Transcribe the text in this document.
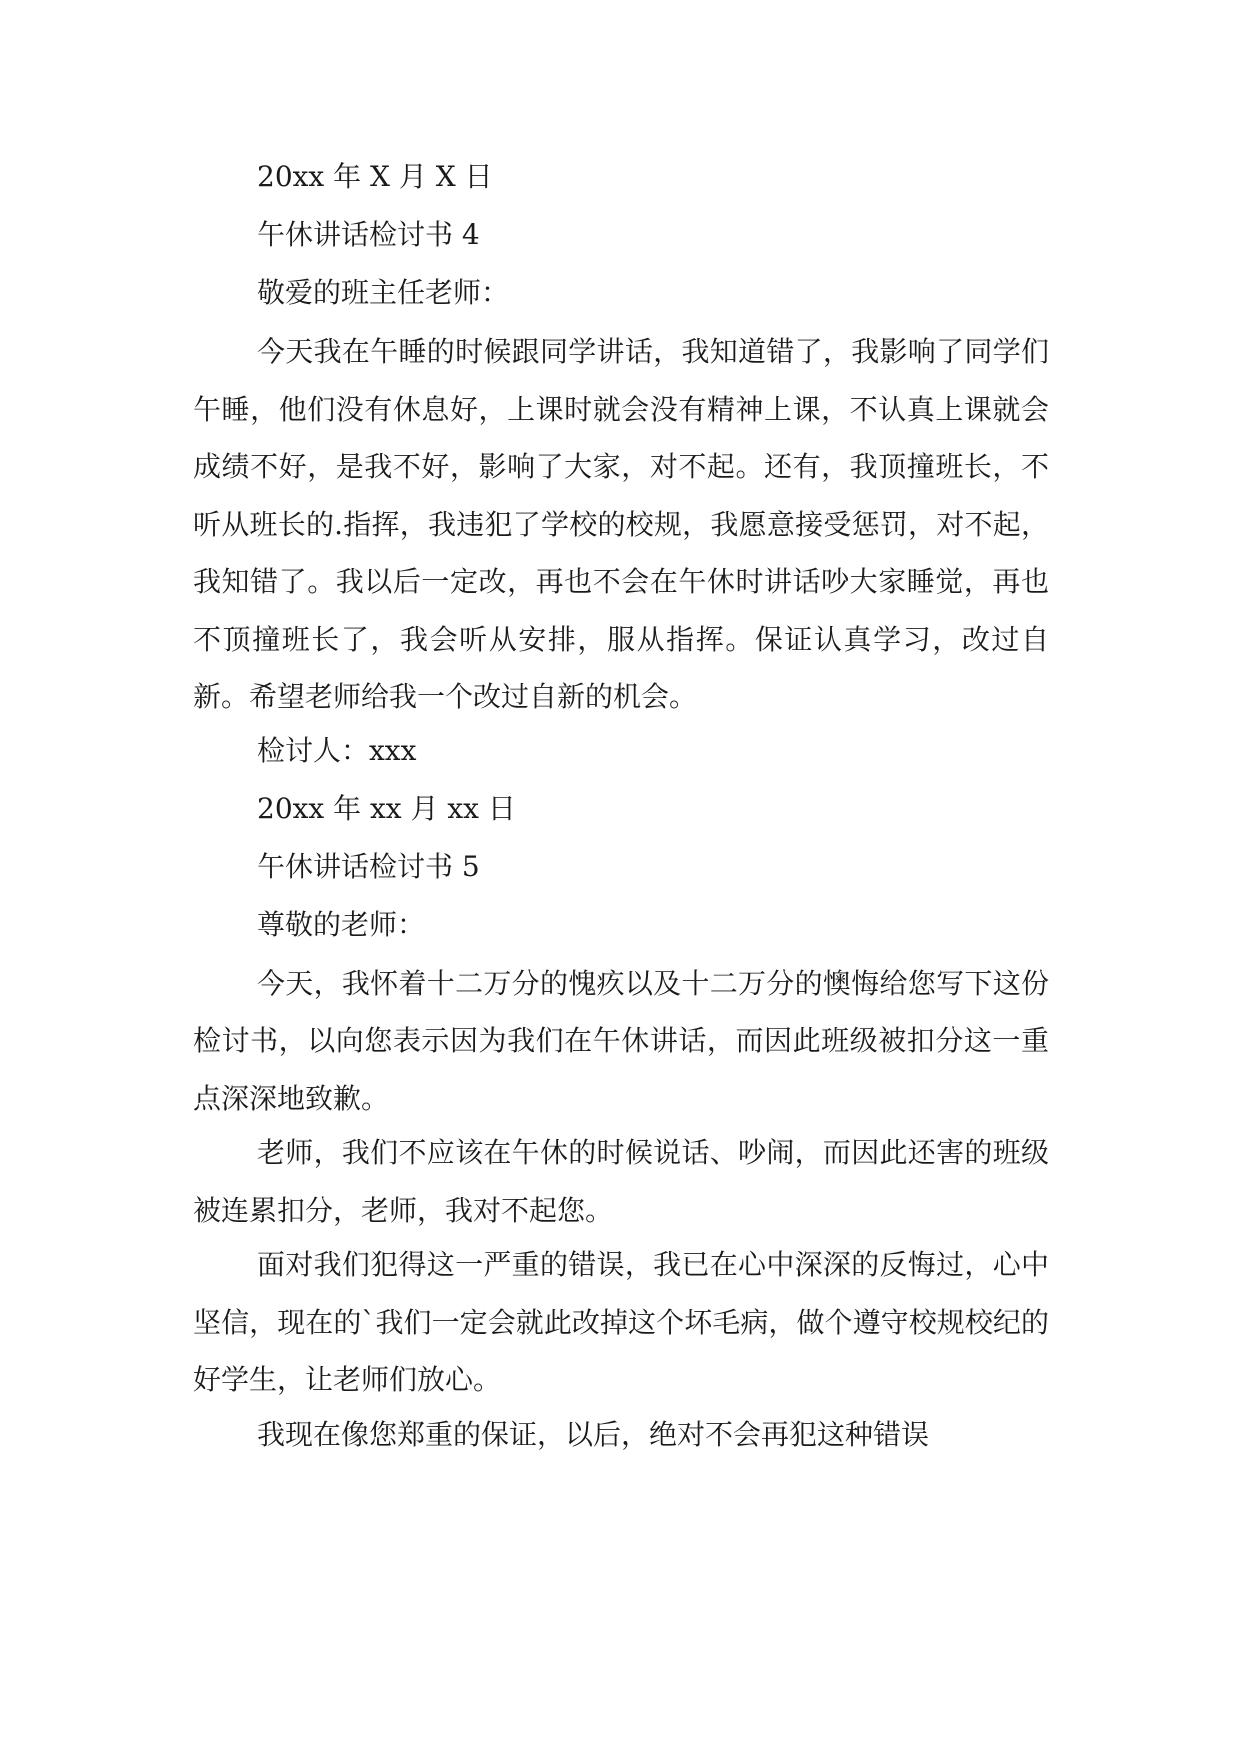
20xx 年 X 月 X 日
午休讲话检讨书 4
敬爱的班主任老师：

今天我在午睡的时候跟同学讲话，我知道错了，我影响了同学们午睡，他们没有休息好，上课时就会没有精神上课，不认真上课就会成绩不好，是我不好，影响了大家，对不起。还有，我顶撞班长，不听从班长的.指挥，我违犯了学校的校规，我愿意接受惩罚，对不起，我知错了。我以后一定改，再也不会在午休时讲话吵大家睡觉，再也不顶撞班长了，我会听从安排，服从指挥。保证认真学习，改过自新。希望老师给我一个改过自新的机会。

检讨人：xxx
20xx 年 xx 月 xx 日
午休讲话检讨书 5
尊敬的老师：

今天，我怀着十二万分的愧疚以及十二万分的懊悔给您写下这份检讨书，以向您表示因为我们在午休讲话，而因此班级被扣分这一重点深深地致歉。

老师，我们不应该在午休的时候说话、吵闹，而因此还害的班级被连累扣分，老师，我对不起您。

面对我们犯得这一严重的错误，我已在心中深深的反悔过，心中坚信，现在的`我们一定会就此改掉这个坏毛病，做个遵守校规校纪的好学生，让老师们放心。

我现在像您郑重的保证，以后，绝对不会再犯这种错误
